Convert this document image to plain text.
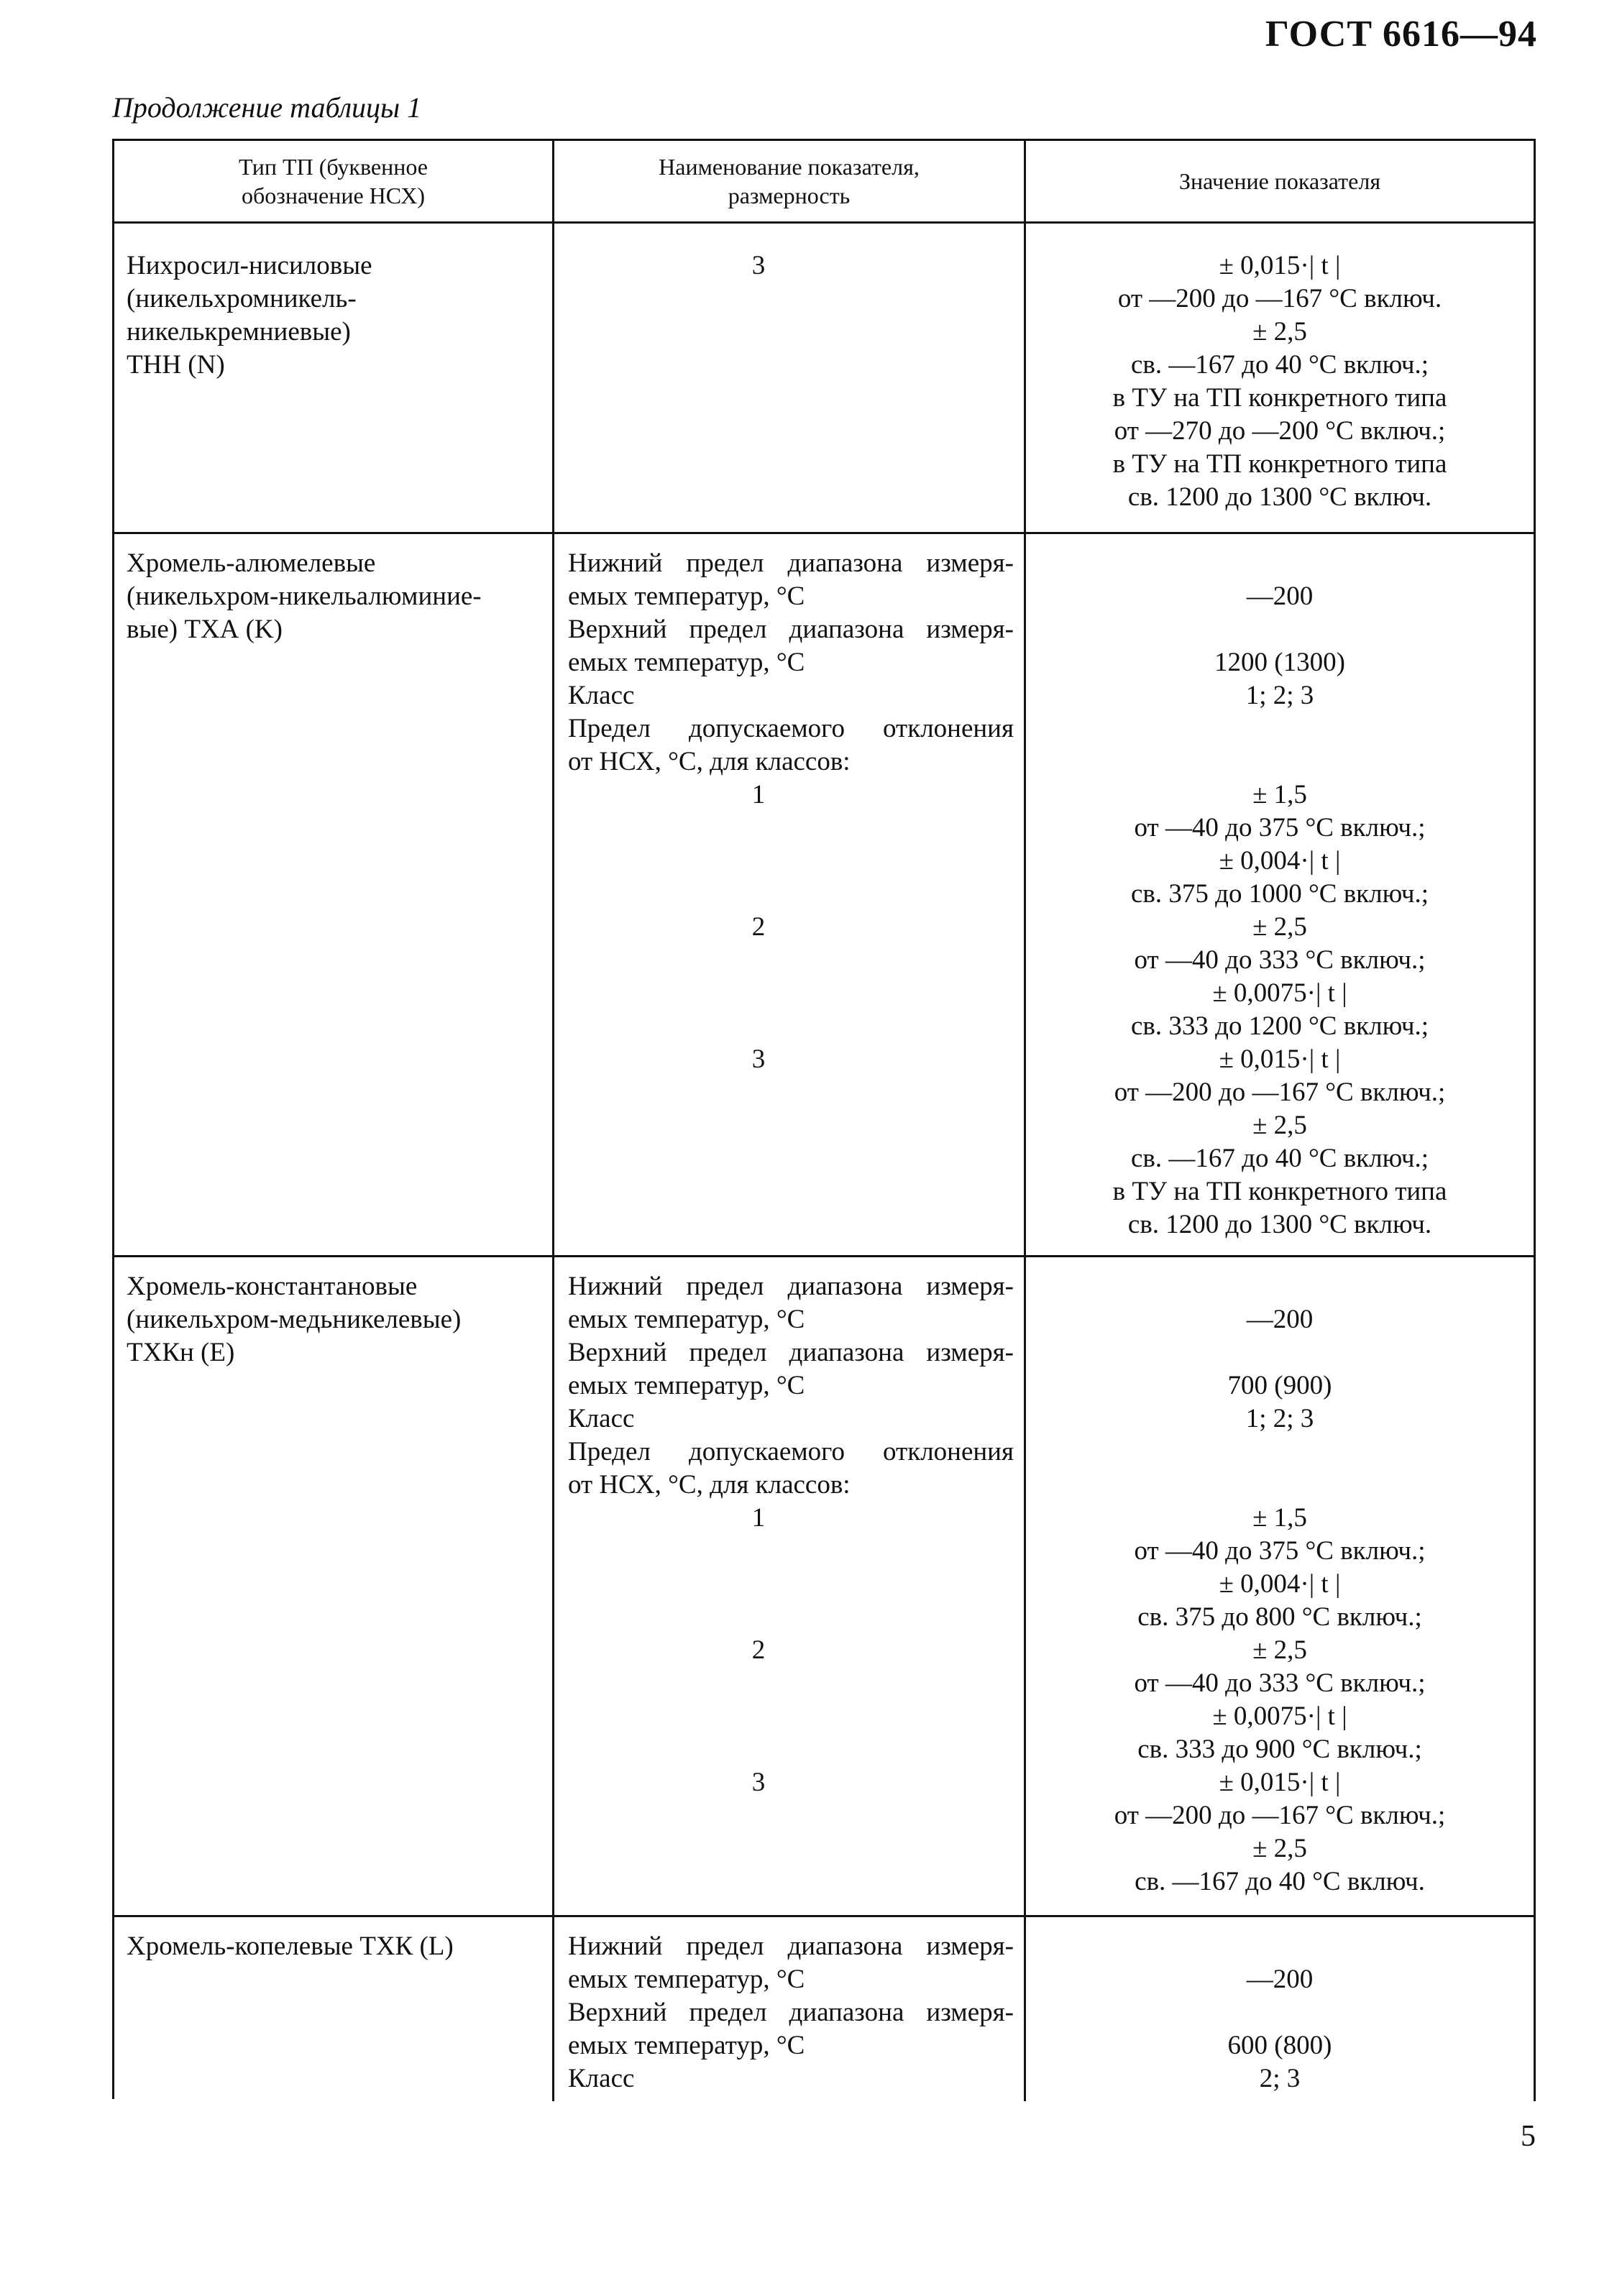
ГОСТ 6616—94
Продолжение таблицы 1
5
Тип ТП (буквенное
обозначение НСХ)
Наименование показателя,
размерность
Значение показателя
Нихросил-нисиловые
(никельхромникель-
никелькремниевые)
ТНН (N)
3	± 0,015·| t |
от —200 до —167 °С включ.
± 2,5
св. —167 до 40 °С включ.;
в ТУ на ТП конкретного типа
от —270 до —200 °С включ.;
в ТУ на ТП конкретного типа
св. 1200 до 1300 °С включ.
Хромель-алюмелевые
(никельхром-никельалюминие-
вые) ТХА (K)
Нижний предел диапазона измеря-
емых температур, °С
Верхний предел диапазона измеря-
емых температур, °С
Класс
Предел допускаемого отклонения
от НСХ, °С, для классов:
1
2
3
—200
1200 (1300)
1; 2; 3
± 1,5
от —40 до 375 °С включ.;
± 0,004·| t |
св. 375 до 1000 °С включ.;
± 2,5
от —40 до 333 °С включ.;
± 0,0075·| t |
св. 333 до 1200 °С включ.;
± 0,015·| t |
от —200 до —167 °С включ.;
± 2,5
св. —167 до 40 °С включ.;
в ТУ на ТП конкретного типа
св. 1200 до 1300 °С включ.
Хромель-константановые
(никельхром-медьникелевые)
ТХКн (E)
Нижний предел диапазона измеря-
емых температур, °С
Верхний предел диапазона измеря-
емых температур, °С
Класс
Предел допускаемого отклонения
от НСХ, °С, для классов:
1
2
3
—200
700 (900)
1; 2; 3
± 1,5
от —40 до 375 °С включ.;
± 0,004·| t |
св. 375 до 800 °С включ.;
± 2,5
от —40 до 333 °С включ.;
± 0,0075·| t |
св. 333 до 900 °С включ.;
± 0,015·| t |
от —200 до —167 °С включ.;
± 2,5
св. —167 до 40 °С включ.
Хромель-копелевые ТХК (L)	Нижний предел диапазона измеря-
емых температур, °С
Верхний предел диапазона измеря-
емых температур, °С
Класс
—200
600 (800)
2; 3
